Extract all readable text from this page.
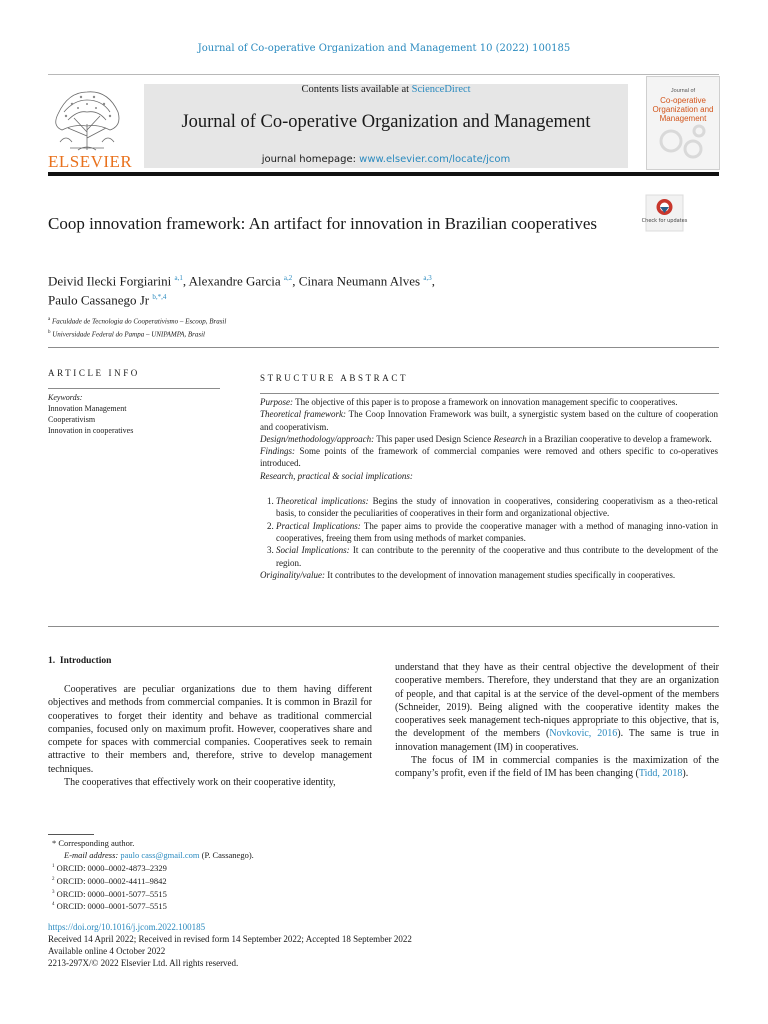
Journal of Co-operative Organization and Management 10 (2022) 100185
ELSEVIER
Contents lists available at ScienceDirect
Journal of Co-operative Organization and Management
journal homepage: www.elsevier.com/locate/jcom
Journal of
Co-operative Organization and Management
Check for updates
Coop innovation framework: An artifact for innovation in Brazilian cooperatives
Deivid Ilecki Forgiarini $^{a,1}$, Alexandre Garcia $^{a,2}$, Cinara Neumann Alves $^{a,3}$,
Paulo Cassanego Jr $^{b,*,4}$
$^a$ Faculdade de Tecnologia do Cooperativismo – Escoop, Brasil
$^b$ Universidade Federal do Pampa – UNIPAMPA, Brasil
ARTICLE INFO
Keywords:
Innovation Management
Cooperativism
Innovation in cooperatives
STRUCTURE ABSTRACT

Purpose: The objective of this paper is to propose a framework on innovation management specific to cooperatives.

Theoretical framework: The Coop Innovation Framework was built, a synergistic system based on the culture of cooperation and cooperativism.

Design/methodology/approach: This paper used Design Science Research in a Brazilian cooperative to develop a framework.

Findings: Some points of the framework of commercial companies were removed and others specific to co-operatives introduced.

Research, practical & social implications:

1. Theoretical implications: Begins the study of innovation in cooperatives, considering cooperativism as a theo-retical basis, to consider the peculiarities of cooperatives in their form and organizational objective.
2. Practical Implications: The paper aims to provide the cooperative manager with a method of managing inno-vation in cooperatives, freeing them from using methods of market companies.
3. Social Implications: It can contribute to the perennity of the cooperative and thus contribute to the development of the region.

Originality/value: It contributes to the development of innovation management studies specifically in cooperatives.

1. Introduction

Cooperatives are peculiar organizations due to them having different objectives and methods from commercial companies. It is common in Brazil for cooperatives to forget their identity and behave as traditional commercial companies, focused only on maximum profit. However, cooperatives share and compete for spaces with commercial companies. Cooperatives seek to remain attractive to their members and, therefore, strive to develop management techniques.

The cooperatives that effectively work on their cooperative identity,

understand that they have as their central objective the development of their cooperative members. Therefore, they understand that they are an organization of people, and that capital is at the service of the devel-opment of the members (Schneider, 2019). Being aligned with the cooperative identity makes the cooperatives seek management tech-niques appropriate to this objective, that is, the development of the members (Novkovic, 2016). The same is true in innovation management (IM) in cooperatives.

The focus of IM in commercial companies is the maximization of the company’s profit, even if the field of IM has been changing (Tidd, 2018).

* Corresponding author.
E-mail address: paulo cass@gmail.com (P. Cassanego).
$^1$ ORCID: 0000–0002-4873–2329
$^2$ ORCID: 0000–0002-4411–9842
$^3$ ORCID: 0000–0001-5077–5515
$^4$ ORCID: 0000–0001-5077–5515
https://doi.org/10.1016/j.jcom.2022.100185
Received 14 April 2022; Received in revised form 14 September 2022; Accepted 18 September 2022
Available online 4 October 2022
2213-297X/© 2022 Elsevier Ltd. All rights reserved.
